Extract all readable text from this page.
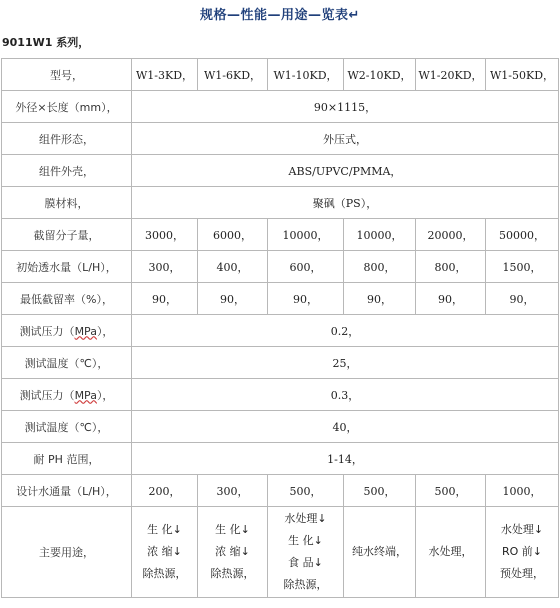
规格—性能—用途—览表↵
9011W1 系列，
型号，	W1-3KD，	W1-6KD，	W1-10KD，	W2-10KD，	W1-20KD，	W1-50KD，
外径×长度（mm），	90×1115，					
组件形态，	外压式，					
组件外壳，	ABS/UPVC/PMMA，					
膜材料，	聚砜（PS），					
截留分子量，	3000，	6000，	10000，	10000，	20000，	50000，
初始透水量（L/H），	300，	400，	600，	800，	800，	1500，
最低截留率（%），	90，	90，	90，	90，	90，	90，
测试压力（MPa），	0.2，					
测试温度（℃），	25，					
测试压力（MPa），	0.3，					
测试温度（℃），	40，					
耐 PH 范围，	1-14，					
设计水通量（L/H），	200，	300，	500，	500，	500，	1000，
主要用途，	生 化↓
浓 缩↓
除热源，	生 化↓
浓 缩↓
除热源，	水处理↓
生 化↓
食 品↓
除热源，	纯水终端，	水处理，	水处理↓
RO 前↓
预处理，
